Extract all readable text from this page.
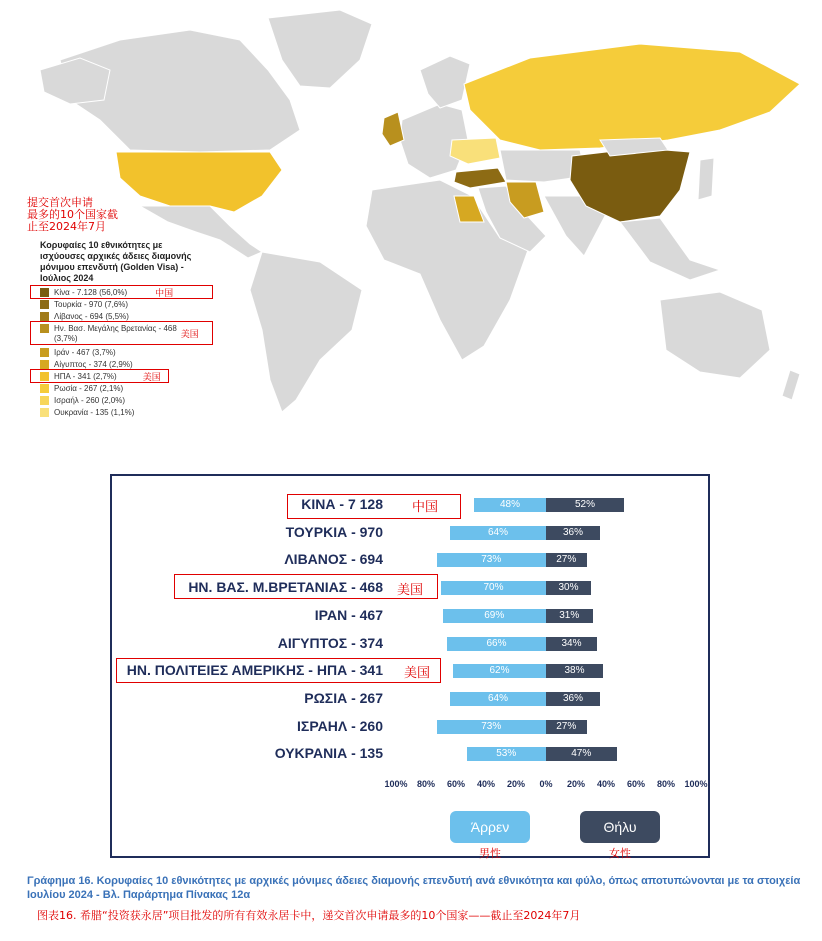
提交首次申请
最多的10个国家截
止至2024年7月
Κορυφαίες 10 εθνικότητες με
ισχύουσες αρχικές άδειες διαμονής
μόνιμου επενδυτή (Golden Visa) -
Ιούλιος 2024
Κίνα - 7.128 (56,0%)	中国
Τουρκία - 970 (7,6%)
Λίβανος - 694 (5,5%)
Ην. Βασ. Μεγάλης Βρετανίας - 468
(3,7%)	美国
Ιράν - 467 (3,7%)
Αίγυπτος - 374 (2,9%)
ΗΠΑ - 341 (2,7%)	美国
Ρωσία - 267 (2,1%)
Ισραήλ - 260 (2,0%)
Ουκρανία - 135 (1,1%)
ΚΙΝΑ - 7 128 中国	48%	52%
ΤΟΥΡΚΙΑ - 970	64%	36%
ΛΙΒΑΝΟΣ - 694	73%	27%
ΗΝ. ΒΑΣ. Μ.ΒΡΕΤΑΝΙΑΣ - 468 美国	70%	30%
ΙΡΑΝ - 467	69%	31%
ΑΙΓΥΠΤΟΣ - 374	66%	34%
ΗΝ. ΠΟΛΙΤΕΙΕΣ ΑΜΕΡΙΚΗΣ - ΗΠΑ - 341 美国	62%	38%
ΡΩΣΙΑ - 267	64%	36%
ΙΣΡΑΗΛ - 260	73%	27%
ΟΥΚΡΑΝΙΑ - 135	53%	47%
100% 80% 60% 40% 20% 0% 20% 40% 60% 80% 100%
Άρρεν	Θήλυ
男性	女性
Γράφημα 16. Κορυφαίες 10 εθνικότητες με αρχικές μόνιμες άδειες διαμονής επενδυτή ανά εθνικότητα και φύλο, όπως αποτυπώνονται με τα στοιχεία Ιουλίου 2024 - Βλ. Παράρτημα Πίνακας 12α
图表16. 希腊“投资获永居”项目批发的所有有效永居卡中，递交首次申请最多的10个国家——截止至2024年7月
